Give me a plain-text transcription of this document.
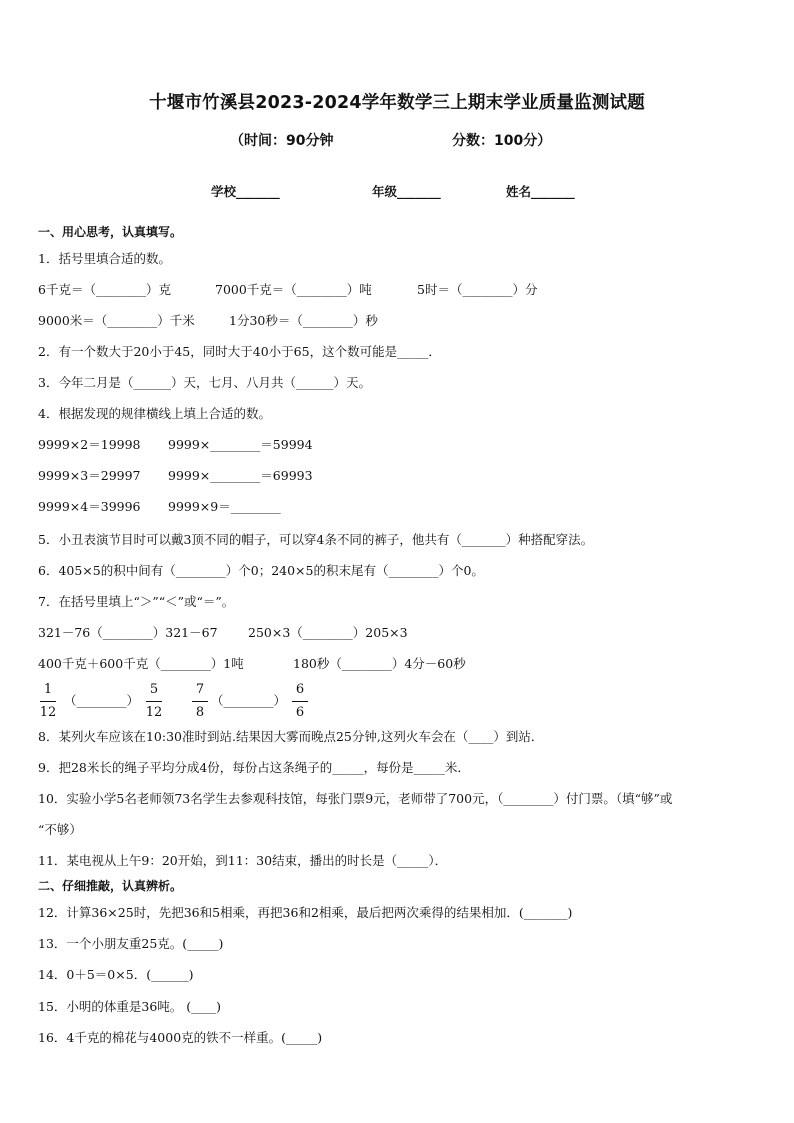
十堰市竹溪县2023-2024学年数学三上期末学业质量监测试题
（时间：90分钟	分数：100分）
学校_______	年级_______	姓名_______
一、用心思考，认真填写。
1．括号里填合适的数。
6千克＝（________）克	7000千克＝（________）吨	5时＝（________）分
9000米＝（________）千米	1分30秒＝（________）秒
2．有一个数大于20小于45，同时大于40小于65，这个数可能是_____．
3．今年二月是（______）天，七月、八月共（______）天。
4．根据发现的规律横线上填上合适的数。
9999×2＝19998 9999×________＝59994
9999×3＝29997 9999×________＝69993
9999×4＝39996 9999×9＝________
5．小丑表演节目时可以戴3顶不同的帽子，可以穿4条不同的裤子，他共有（_______）种搭配穿法。
6．405×5的积中间有（________）个0；240×5的积末尾有（________）个0。
7．在括号里填上“＞”“＜”或“＝”。
321－76（________）321－67 250×3（________）205×3
400千克＋600千克（________）1吨	180秒（________）4分－60秒
1
12
（________）
5
12
7
8
（________）
6
6
8．某列火车应该在10:30准时到站.结果因大雾而晚点25分钟,这列火车会在（____）到站．
9．把28米长的绳子平均分成4份，每份占这条绳子的_____，每份是_____米．
10．实验小学5名老师领73名学生去参观科技馆，每张门票9元，老师带了700元，（________）付门票。（填“够”或
“不够）
11．某电视从上午9：20开始，到11：30结束，播出的时长是（_____）．
二、仔细推敲，认真辨析。
12．计算36×25时，先把36和5相乘，再把36和2相乘，最后把两次乘得的结果相加．(_______)
13．一个小朋友重25克。(_____)
14．0＋5＝0×5．(______)
15．小明的体重是36吨。 (____)
16．4千克的棉花与4000克的铁不一样重。(_____)
